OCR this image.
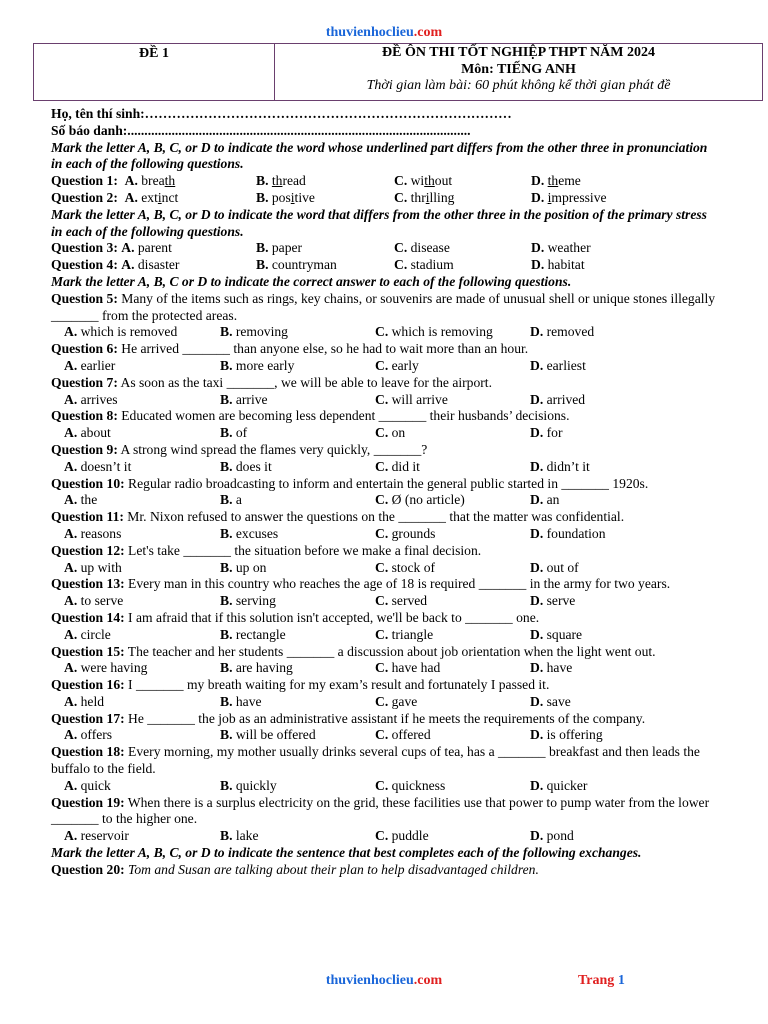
thuvienhoclieu.com
ĐỀ 1	ĐỀ ÔN THI TỐT NGHIỆP THPT NĂM 2024
Môn: TIẾNG ANH
Thời gian làm bài: 60 phút không kể thời gian phát đề
Họ, tên thí sinh:………………………………………………………………………
Số báo danh:.....................................................................................................
Mark the letter A, B, C, or D to indicate the word whose underlined part differs from the other three in pronunciation in each of the following questions.
Question 1: A. breath	B. thread	C. without	D. theme
Question 2: A. extinct	B. positive	C. thrilling	D. impressive
Mark the letter A, B, C, or D to indicate the word that differs from the other three in the position of the primary stress in each of the following questions.
Question 3: A. parent	B. paper	C. disease	D. weather
Question 4: A. disaster	B. countryman	C. stadium	D. habitat
Mark the letter A, B, C or D to indicate the correct answer to each of the following questions.
Question 5: Many of the items such as rings, key chains, or souvenirs are made of unusual shell or unique stones illegally _______ from the protected areas.
A. which is removed	B. removing	C. which is removing	D. removed
Question 6: He arrived _______ than anyone else, so he had to wait more than an hour.
A. earlier	B. more early	C. early	D. earliest
Question 7: As soon as the taxi _______, we will be able to leave for the airport.
A. arrives	B. arrive	C. will arrive	D. arrived
Question 8: Educated women are becoming less dependent _______ their husbands’ decisions.
A. about	B. of	C. on	D. for
Question 9: A strong wind spread the flames very quickly, _______?
A. doesn’t it	B. does it	C. did it	D. didn’t it
Question 10: Regular radio broadcasting to inform and entertain the general public started in _______ 1920s.
A. the	B. a	C. Ø (no article)	D. an
Question 11: Mr. Nixon refused to answer the questions on the _______ that the matter was confidential.
A. reasons	B. excuses	C. grounds	D. foundation
Question 12: Let's take _______ the situation before we make a final decision.
A. up with	B. up on	C. stock of	D. out of
Question 13: Every man in this country who reaches the age of 18 is required _______ in the army for two years.
A. to serve	B. serving	C. served	D. serve
Question 14: I am afraid that if this solution isn't accepted, we'll be back to _______ one.
A. circle	B. rectangle	C. triangle	D. square
Question 15: The teacher and her students _______ a discussion about job orientation when the light went out.
A. were having	B. are having	C. have had	D. have
Question 16: I _______ my breath waiting for my exam’s result and fortunately I passed it.
A. held	B. have	C. gave	D. save
Question 17: He _______ the job as an administrative assistant if he meets the requirements of the company.
A. offers	B. will be offered	C. offered	D. is offering
Question 18: Every morning, my mother usually drinks several cups of tea, has a _______ breakfast and then leads the buffalo to the field.
A. quick	B. quickly	C. quickness	D. quicker
Question 19: When there is a surplus electricity on the grid, these facilities use that power to pump water from the lower _______ to the higher one.
A. reservoir	B. lake	C. puddle	D. pond
Mark the letter A, B, C, or D to indicate the sentence that best completes each of the following exchanges.
Question 20: Tom and Susan are talking about their plan to help disadvantaged children.
thuvienhoclieu.com	Trang 1
